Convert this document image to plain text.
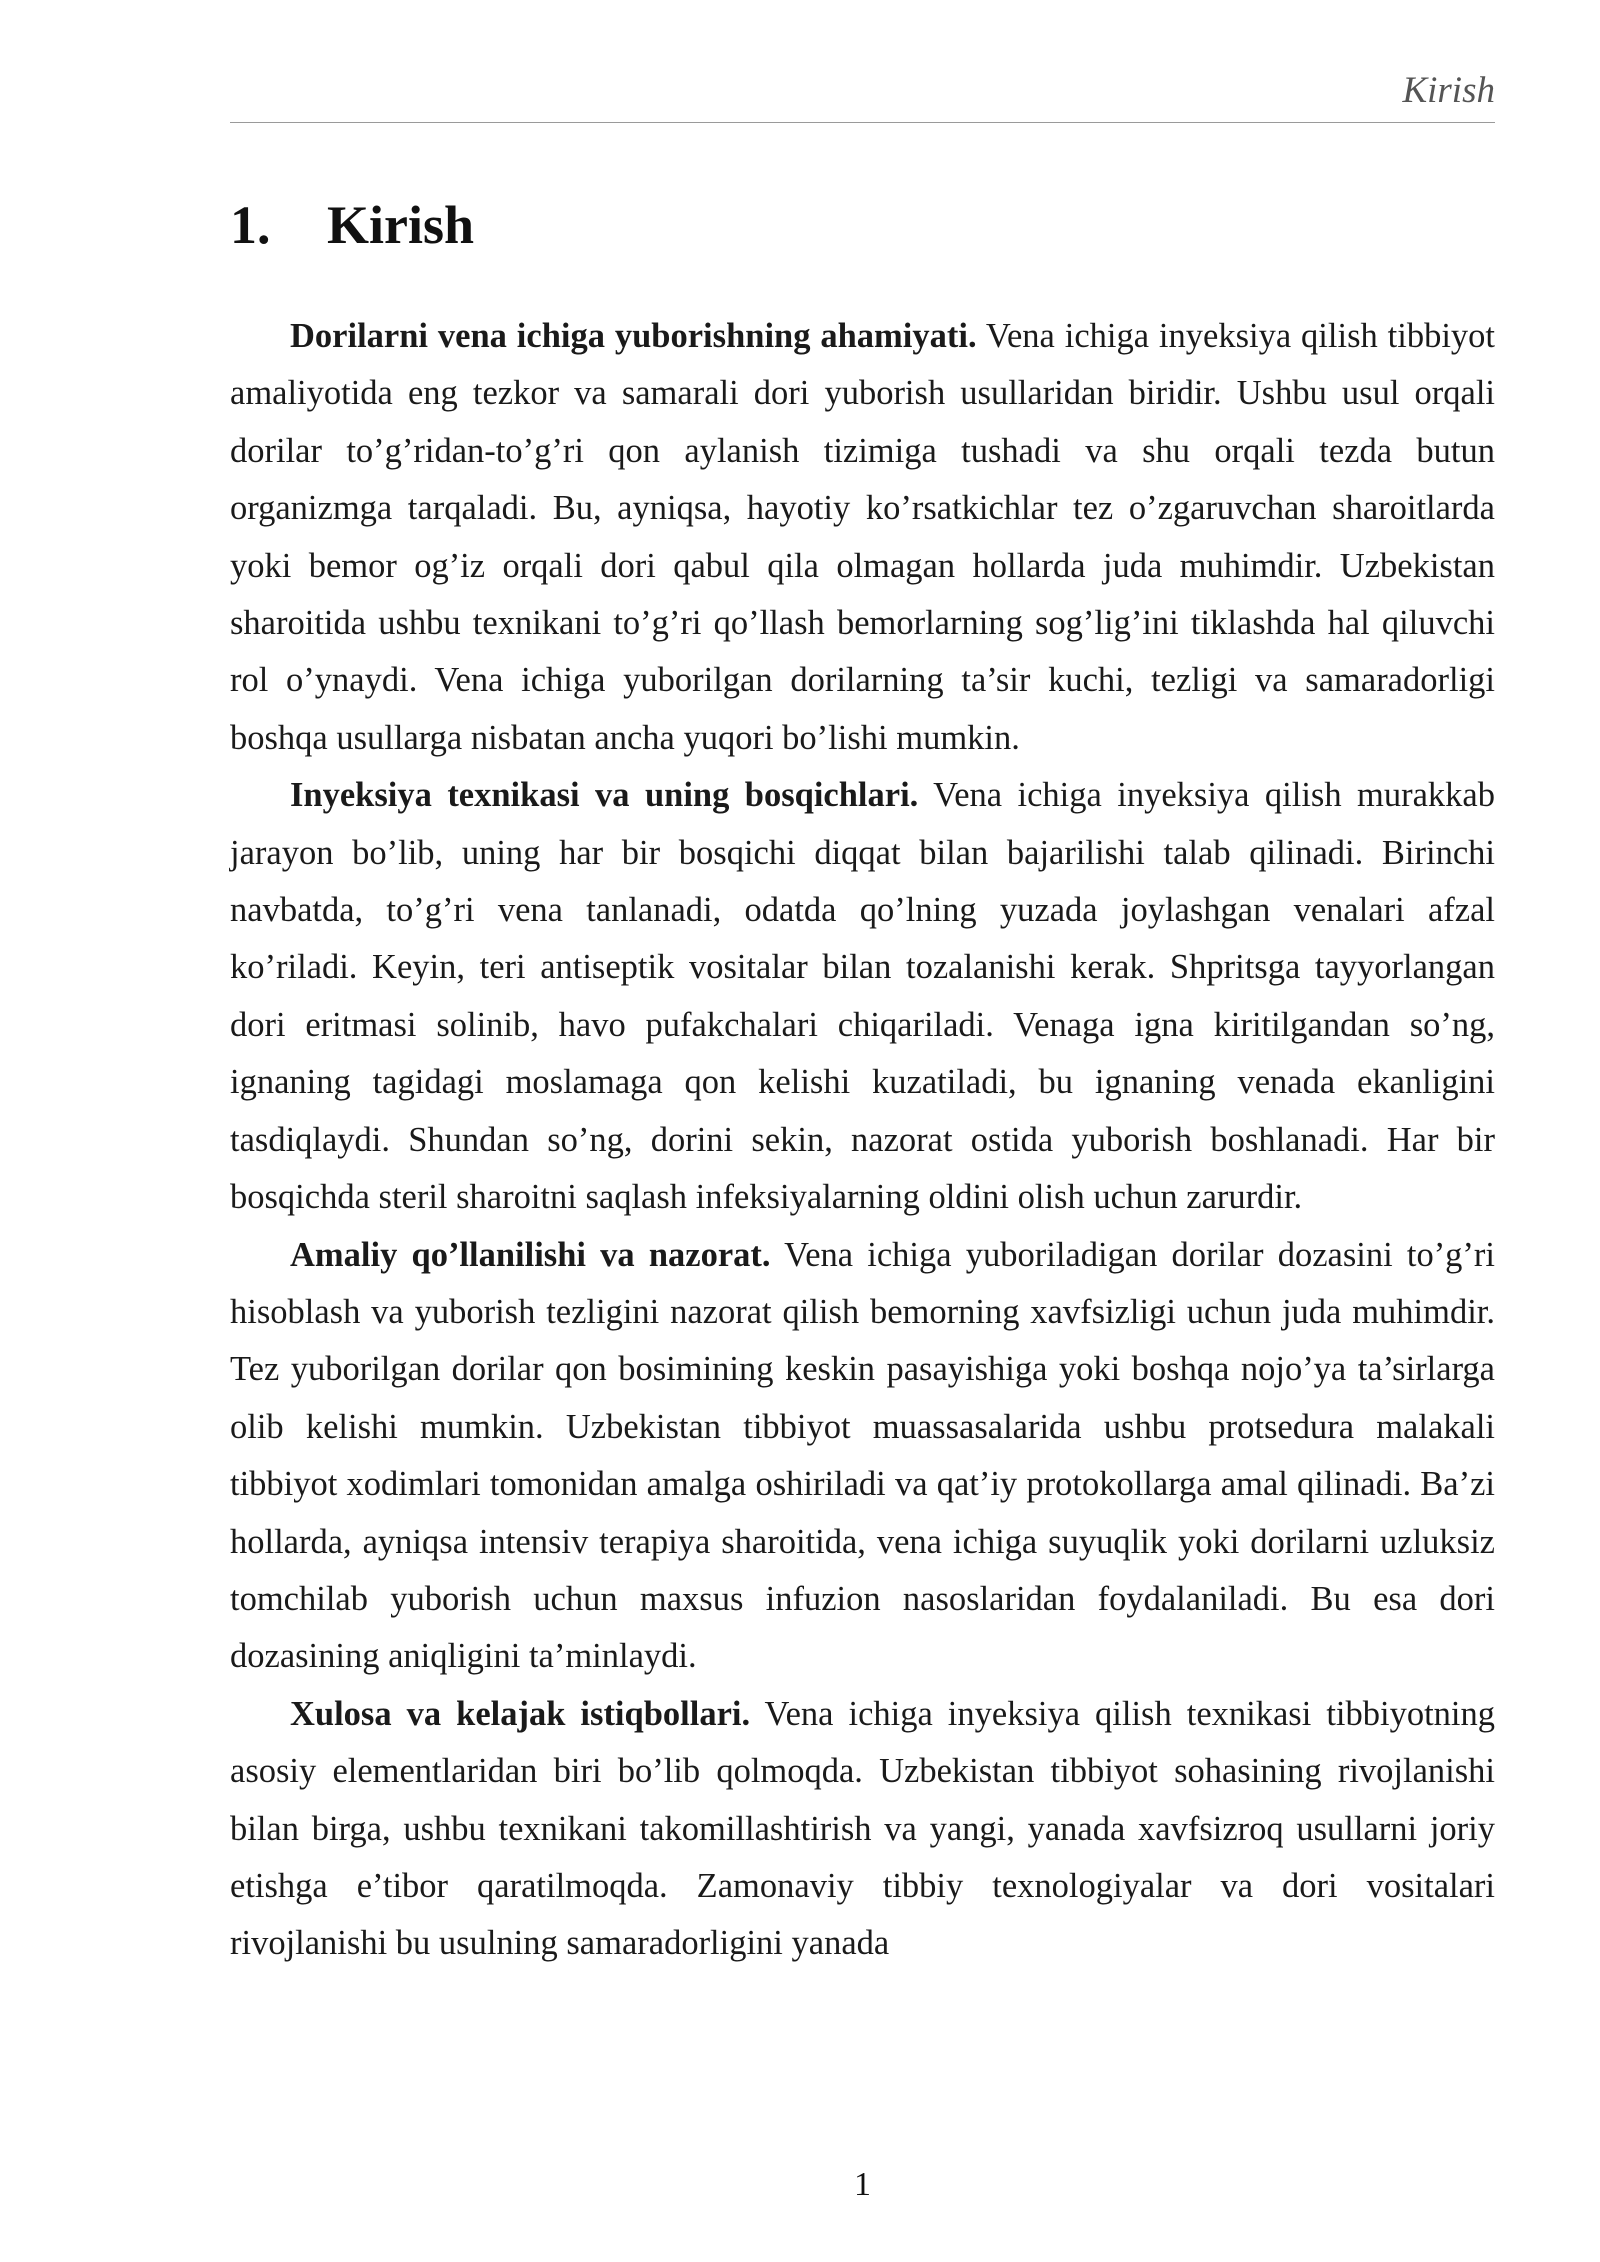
Kirish
1. Kirish

Dorilarni vena ichiga yuborishning ahamiyati. Vena ichiga inyeksiya qilish tibbiyot amaliyotida eng tezkor va samarali dori yuborish usullaridan biridir. Ushbu usul orqali dorilar to’g’ridan-to’g’ri qon aylanish tizimiga tushadi va shu orqali tezda butun organizmga tarqaladi. Bu, ayniqsa, hayotiy ko’rsatkichlar tez o’zgaruvchan sharoitlarda yoki bemor og’iz orqali dori qabul qila olmagan hollarda juda muhimdir. Uzbekistan sharoitida ushbu texnikani to’g’ri qo’llash bemorlarning sog’lig’ini tiklashda hal qiluvchi rol o’ynaydi. Vena ichiga yuborilgan dorilarning ta’sir kuchi, tezligi va samaradorligi boshqa usullarga nisbatan ancha yuqori bo’lishi mumkin.

Inyeksiya texnikasi va uning bosqichlari. Vena ichiga inyeksiya qilish murakkab jarayon bo’lib, uning har bir bosqichi diqqat bilan bajarilishi talab qilinadi. Birinchi navbatda, to’g’ri vena tanlanadi, odatda qo’lning yuzada joylashgan venalari afzal ko’riladi. Keyin, teri antiseptik vositalar bilan tozalanishi kerak. Shpritsga tayyorlangan dori eritmasi solinib, havo pufakchalari chiqariladi. Venaga igna kiritilgandan so’ng, ignaning tagidagi moslamaga qon kelishi kuzatiladi, bu ignaning venada ekanligini tasdiqlaydi. Shundan so’ng, dorini sekin, nazorat ostida yuborish boshlanadi. Har bir bosqichda steril sharoitni saqlash infeksiyalarning oldini olish uchun zarurdir.

Amaliy qo’llanilishi va nazorat. Vena ichiga yuboriladigan dorilar dozasini to’g’ri hisoblash va yuborish tezligini nazorat qilish bemorning xavfsizligi uchun juda muhimdir. Tez yuborilgan dorilar qon bosimining keskin pasayishiga yoki boshqa nojo’ya ta’sirlarga olib kelishi mumkin. Uzbekistan tibbiyot muassasalarida ushbu protsedura malakali tibbiyot xodimlari tomonidan amalga oshiriladi va qat’iy protokollarga amal qilinadi. Ba’zi hollarda, ayniqsa intensiv terapiya sharoitida, vena ichiga suyuqlik yoki dorilarni uzluksiz tomchilab yuborish uchun maxsus infuzion nasoslaridan foydalaniladi. Bu esa dori dozasining aniqligini ta’minlaydi.

Xulosa va kelajak istiqbollari. Vena ichiga inyeksiya qilish texnikasi tibbiyotning asosiy elementlaridan biri bo’lib qolmoqda. Uzbekistan tibbiyot sohasining rivojlanishi bilan birga, ushbu texnikani takomillashtirish va yangi, yanada xavfsizroq usullarni joriy etishga e’tibor qaratilmoqda. Zamonaviy tibbiy texnologiyalar va dori vositalari rivojlanishi bu usulning samaradorligini yanada

1
